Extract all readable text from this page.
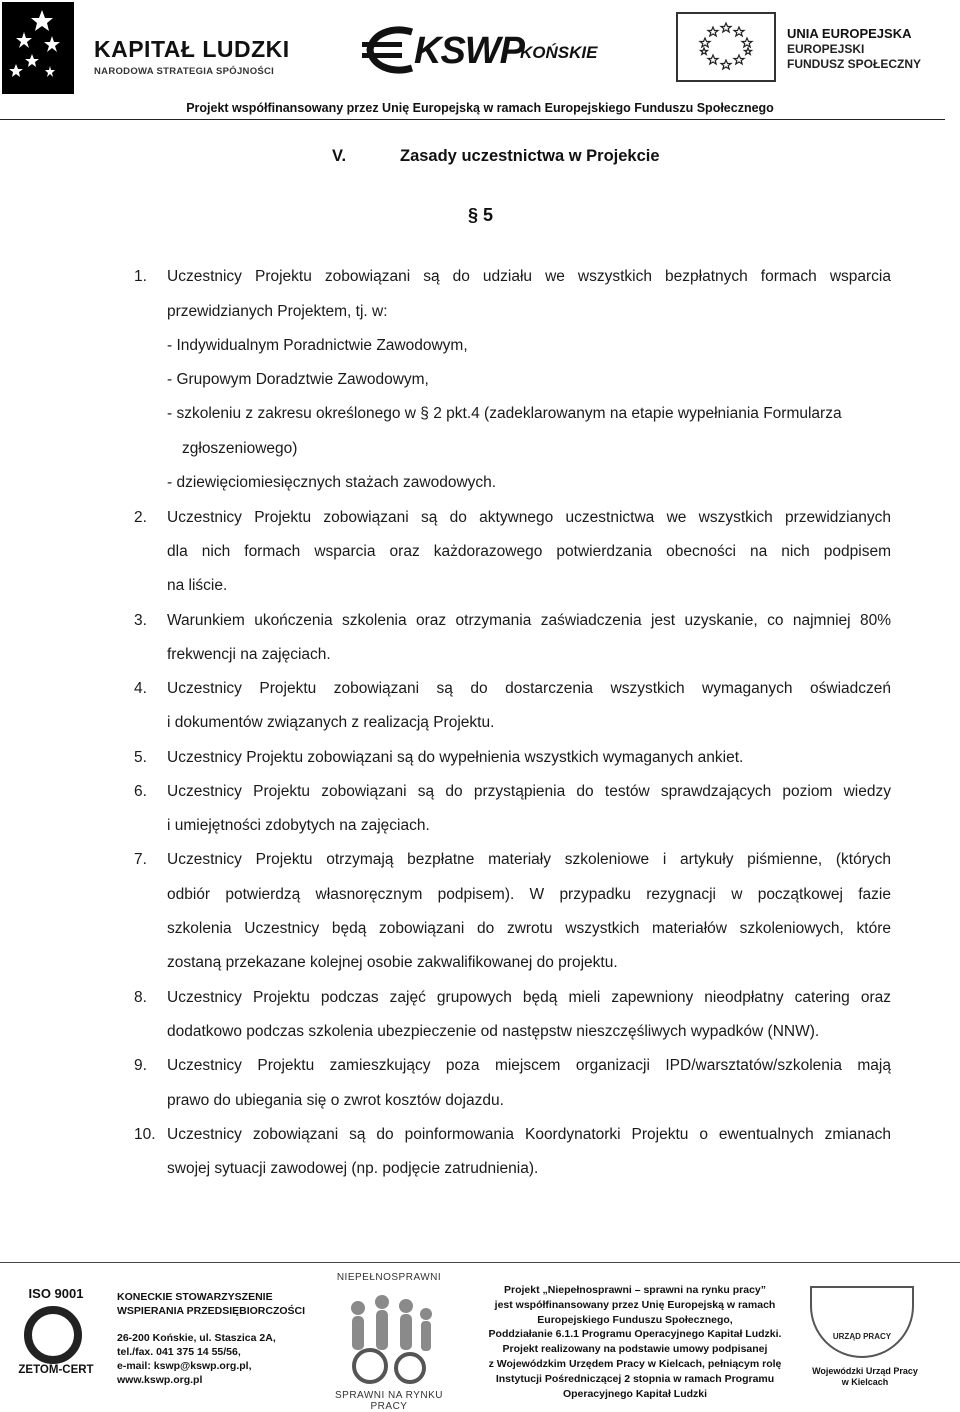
KAPITAŁ LUDZKI
NARODOWA STRATEGIA SPÓJNOŚCI	KSWP
KOŃSKIE
UNIA EUROPEJSKA
EUROPEJSKI
FUNDUSZ SPOŁECZNY
Projekt współfinansowany przez Unię Europejską w ramach Europejskiego Funduszu Społecznego
V.	Zasady uczestnictwa w Projekcie
§ 5
1. Uczestnicy Projektu zobowiązani są do udziału we wszystkich bezpłatnych formach wsparcia
przewidzianych Projektem, tj. w:
- Indywidualnym Poradnictwie Zawodowym,
- Grupowym Doradztwie Zawodowym,
- szkoleniu z zakresu określonego w § 2 pkt.4 (zadeklarowanym na etapie wypełniania Formularza
zgłoszeniowego)
- dziewięciomiesięcznych stażach zawodowych.
2. Uczestnicy Projektu zobowiązani są do aktywnego uczestnictwa we wszystkich przewidzianych
dla nich formach wsparcia oraz każdorazowego potwierdzania obecności na nich podpisem
na liście.
3. Warunkiem ukończenia szkolenia oraz otrzymania zaświadczenia jest uzyskanie, co najmniej 80%
frekwencji na zajęciach.
4. Uczestnicy Projektu zobowiązani są do dostarczenia wszystkich wymaganych oświadczeń
i dokumentów związanych z realizacją Projektu.
5. Uczestnicy Projektu zobowiązani są do wypełnienia wszystkich wymaganych ankiet.
6. Uczestnicy Projektu zobowiązani są do przystąpienia do testów sprawdzających poziom wiedzy
i umiejętności zdobytych na zajęciach.
7. Uczestnicy Projektu otrzymają bezpłatne materiały szkoleniowe i artykuły piśmienne, (których
odbiór potwierdzą własnoręcznym podpisem). W przypadku rezygnacji w początkowej fazie
szkolenia Uczestnicy będą zobowiązani do zwrotu wszystkich materiałów szkoleniowych, które
zostaną przekazane kolejnej osobie zakwalifikowanej do projektu.
8. Uczestnicy Projektu podczas zajęć grupowych będą mieli zapewniony nieodpłatny catering oraz
dodatkowo podczas szkolenia ubezpieczenie od następstw nieszczęśliwych wypadków (NNW).
9. Uczestnicy Projektu zamieszkujący poza miejscem organizacji IPD/warsztatów/szkolenia mają
prawo do ubiegania się o zwrot kosztów dojazdu.
10. Uczestnicy zobowiązani są do poinformowania Koordynatorki Projektu o ewentualnych zmianach
swojej sytuacji zawodowej (np. podjęcie zatrudnienia).
ISO 9001
ZETOM-CERT
KONECKIE STOWARZYSZENIE
WSPIERANIA PRZEDSIĘBIORCZOŚCI
26-200 Końskie, ul. Staszica 2A,
tel./fax. 041 375 14 55/56,
e-mail: kswp@kswp.org.pl,
www.kswp.org.pl
NIEPEŁNOSPRAWNI
SPRAWNI NA RYNKU PRACY
Projekt „Niepełnosprawni – sprawni na rynku pracy”
jest współfinansowany przez Unię Europejską w ramach
Europejskiego Funduszu Społecznego,
Poddziałanie 6.1.1 Programu Operacyjnego Kapitał Ludzki.
Projekt realizowany na podstawie umowy podpisanej
z Wojewódzkim Urzędem Pracy w Kielcach, pełniącym rolę
Instytucji Pośredniczącej 2 stopnia w ramach Programu
Operacyjnego Kapitał Ludzki
URZĄD PRACY
Wojewódzki Urząd Pracy
w Kielcach
